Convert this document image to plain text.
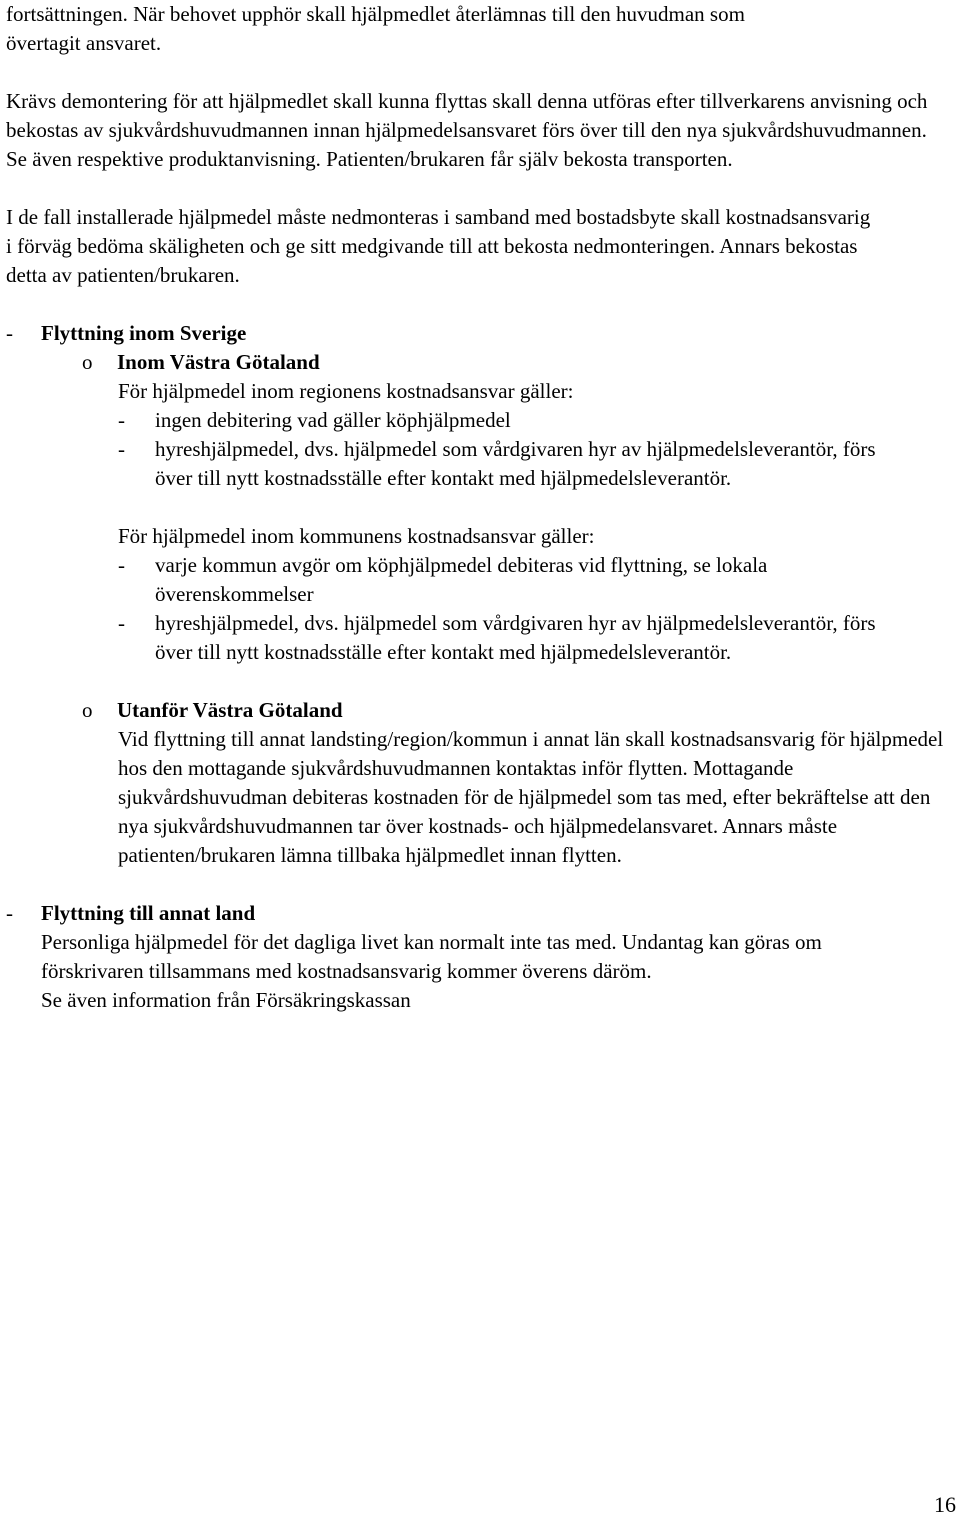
fortsättningen. När behovet upphör skall hjälpmedlet återlämnas till den huvudman som

övertagit ansvaret.

Krävs demontering för att hjälpmedlet skall kunna flyttas skall denna utföras efter tillverkarens anvisning och bekostas av sjukvårdshuvudmannen innan hjälpmedelsansvaret förs över till den nya sjukvårdshuvudmannen. Se även respektive produktanvisning. Patienten/brukaren får själv bekosta transporten.

I de fall installerade hjälpmedel måste nedmonteras i samband med bostadsbyte skall kostnadsansvarig i förväg bedöma skäligheten och ge sitt medgivande till att bekosta nedmonteringen. Annars bekostas detta av patienten/brukaren.

-	Flyttning inom Sverige
o	Inom Västra Götaland

För hjälpmedel inom regionens kostnadsansvar gäller:

-	ingen debitering vad gäller köphjälpmedel
-	hyreshjälpmedel, dvs. hjälpmedel som vårdgivaren hyr av hjälpmedelsleverantör, förs över till nytt kostnadsställe efter kontakt med hjälpmedelsleverantör.

För hjälpmedel inom kommunens kostnadsansvar gäller:

-	varje kommun avgör om köphjälpmedel debiteras vid flyttning, se lokala överenskommelser
-	hyreshjälpmedel, dvs. hjälpmedel som vårdgivaren hyr av hjälpmedelsleverantör, förs över till nytt kostnadsställe efter kontakt med hjälpmedelsleverantör.
o	Utanför Västra Götaland

Vid flyttning till annat landsting/region/kommun i annat län skall kostnadsansvarig för hjälpmedel hos den mottagande sjukvårdshuvudmannen kontaktas inför flytten. Mottagande sjukvårdshuvudman debiteras kostnaden för de hjälpmedel som tas med, efter bekräftelse att den nya sjukvårdshuvudmannen tar över kostnads- och hjälpmedelansvaret. Annars måste patienten/brukaren lämna tillbaka hjälpmedlet innan flytten.

-	Flyttning till annat land

Personliga hjälpmedel för det dagliga livet kan normalt inte tas med. Undantag kan göras om förskrivaren tillsammans med kostnadsansvarig kommer överens däröm.

Se även information från Försäkringskassan

16
